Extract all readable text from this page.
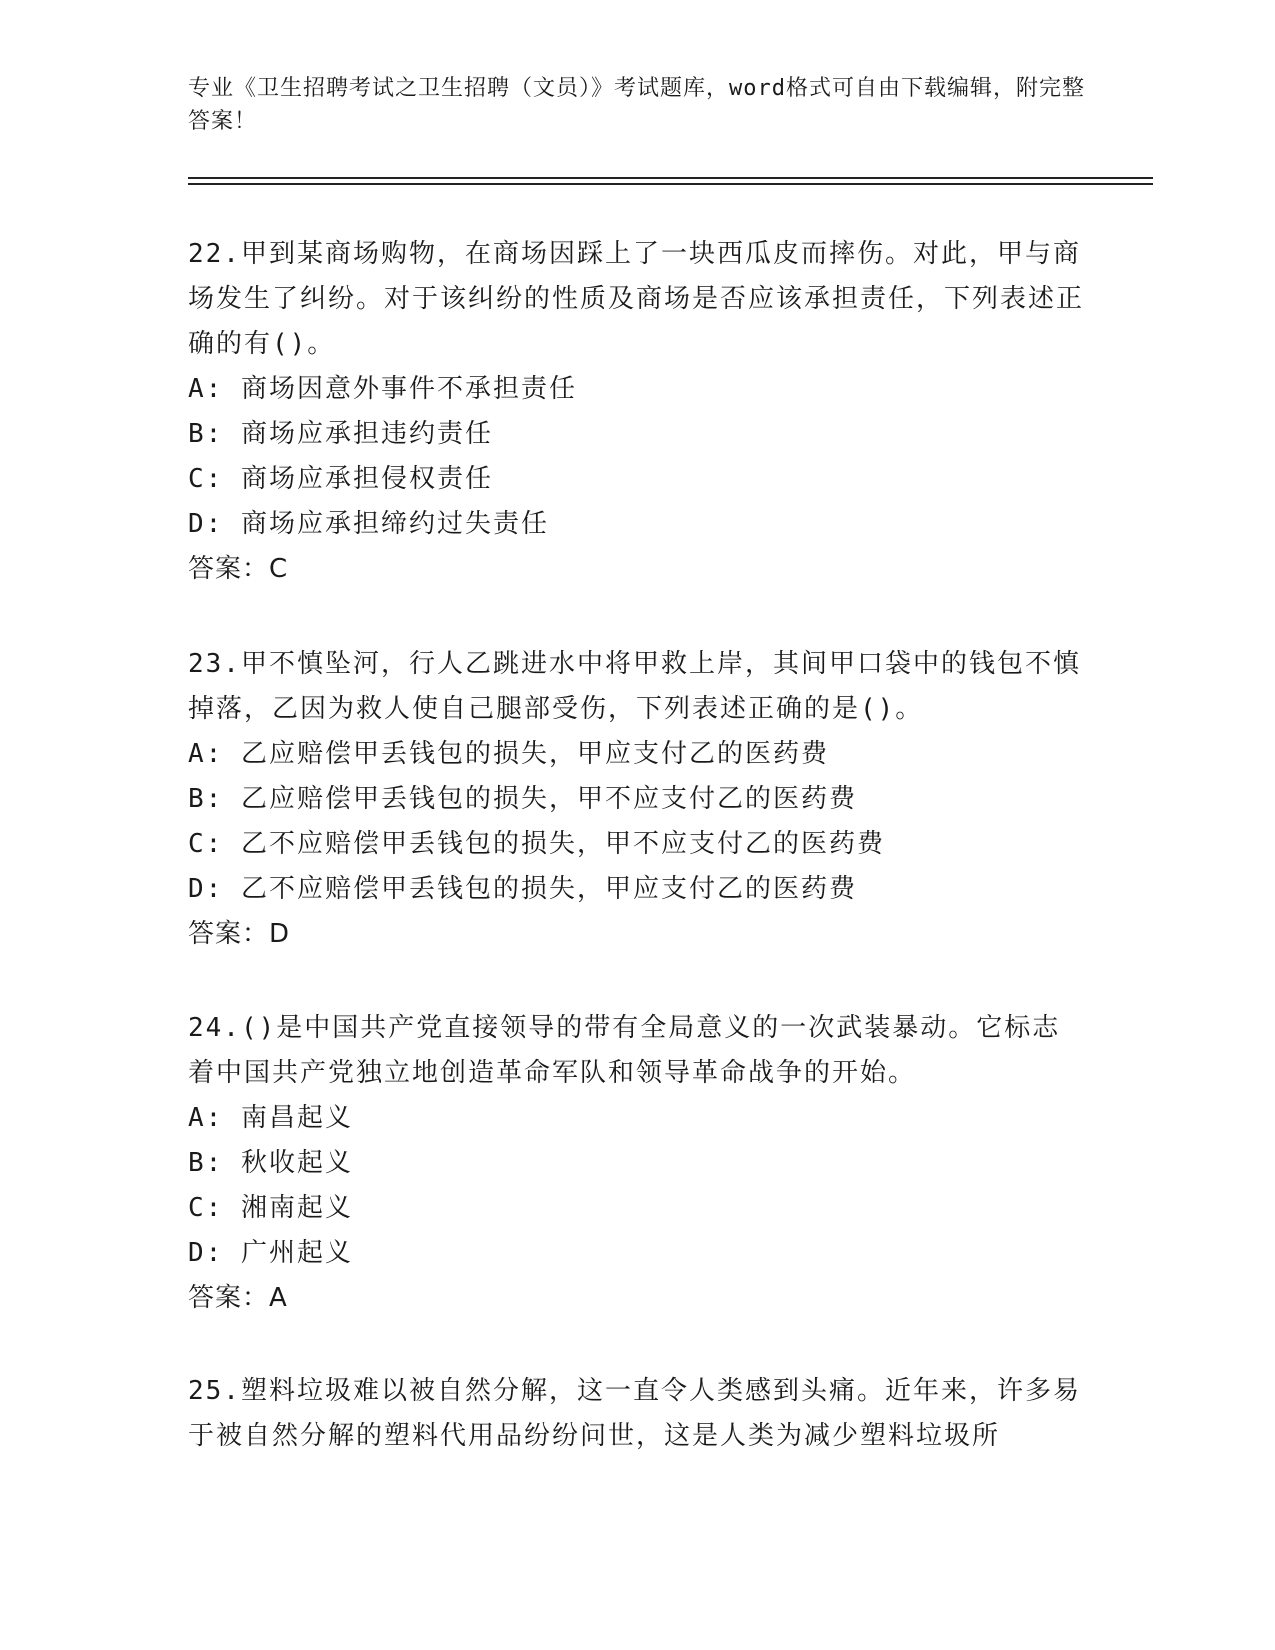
专业《卫生招聘考试之卫生招聘（文员）》考试题库，word格式可自由下载编辑，附完整答案！

22.甲到某商场购物，在商场因踩上了一块西瓜皮而摔伤。对此，甲与商场发生了纠纷。对于该纠纷的性质及商场是否应该承担责任，下列表述正确的有()。

A: 商场因意外事件不承担责任

B: 商场应承担违约责任

C: 商场应承担侵权责任

D: 商场应承担缔约过失责任

答案：C

23.甲不慎坠河，行人乙跳进水中将甲救上岸，其间甲口袋中的钱包不慎掉落，乙因为救人使自己腿部受伤，下列表述正确的是()。

A: 乙应赔偿甲丢钱包的损失，甲应支付乙的医药费

B: 乙应赔偿甲丢钱包的损失，甲不应支付乙的医药费

C: 乙不应赔偿甲丢钱包的损失，甲不应支付乙的医药费

D: 乙不应赔偿甲丢钱包的损失，甲应支付乙的医药费

答案：D

24.()是中国共产党直接领导的带有全局意义的一次武装暴动。它标志着中国共产党独立地创造革命军队和领导革命战争的开始。

A: 南昌起义

B: 秋收起义

C: 湘南起义

D: 广州起义

答案：A

25.塑料垃圾难以被自然分解，这一直令人类感到头痛。近年来，许多易于被自然分解的塑料代用品纷纷问世，这是人类为减少塑料垃圾所
